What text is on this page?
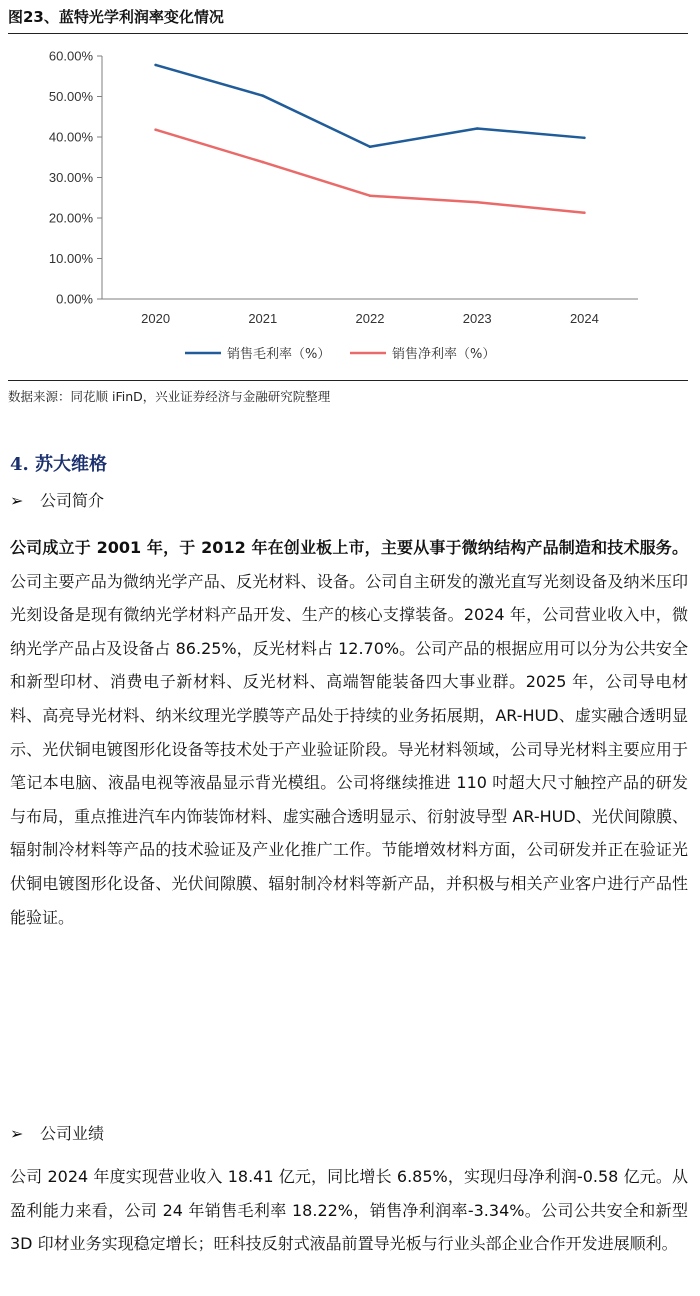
图23、蓝特光学利润率变化情况
0.00%
10.00%
20.00%
30.00%
40.00%
50.00%
60.00%
2020	2021	2022	2023	2024
销售毛利率（%）	销售净利率（%）
数据来源：同花顺 iFinD，兴业证券经济与金融研究院整理
4. 苏大维格
➢ 公司简介
公司成立于 2001 年，于 2012 年在创业板上市，主要从事于微纳结构产品制造和技术服务。公司主要产品为微纳光学产品、反光材料、设备。公司自主研发的激光直写光刻设备及纳米压印光刻设备是现有微纳光学材料产品开发、生产的核心支撑装备。2024 年，公司营业收入中，微纳光学产品占及设备占 86.25%，反光材料占 12.70%。公司产品的根据应用可以分为公共安全和新型印材、消费电子新材料、反光材料、高端智能装备四大事业群。2025 年，公司导电材料、高亮导光材料、纳米纹理光学膜等产品处于持续的业务拓展期，AR-HUD、虚实融合透明显示、光伏铜电镀图形化设备等技术处于产业验证阶段。导光材料领域，公司导光材料主要应用于笔记本电脑、液晶电视等液晶显示背光模组。公司将继续推进 110 吋超大尺寸触控产品的研发与布局，重点推进汽车内饰装饰材料、虚实融合透明显示、衍射波导型 AR-HUD、光伏间隙膜、辐射制冷材料等产品的技术验证及产业化推广工作。节能增效材料方面，公司研发并正在验证光伏铜电镀图形化设备、光伏间隙膜、辐射制冷材料等新产品，并积极与相关产业客户进行产品性能验证。
➢ 公司业绩
公司 2024 年度实现营业收入 18.41 亿元，同比增长 6.85%，实现归母净利润-0.58 亿元。从盈利能力来看，公司 24 年销售毛利率 18.22%，销售净利润率-3.34%。公司公共安全和新型 3D 印材业务实现稳定增长；旺科技反射式液晶前置导光板与行业头部企业合作开发进展顺利。
